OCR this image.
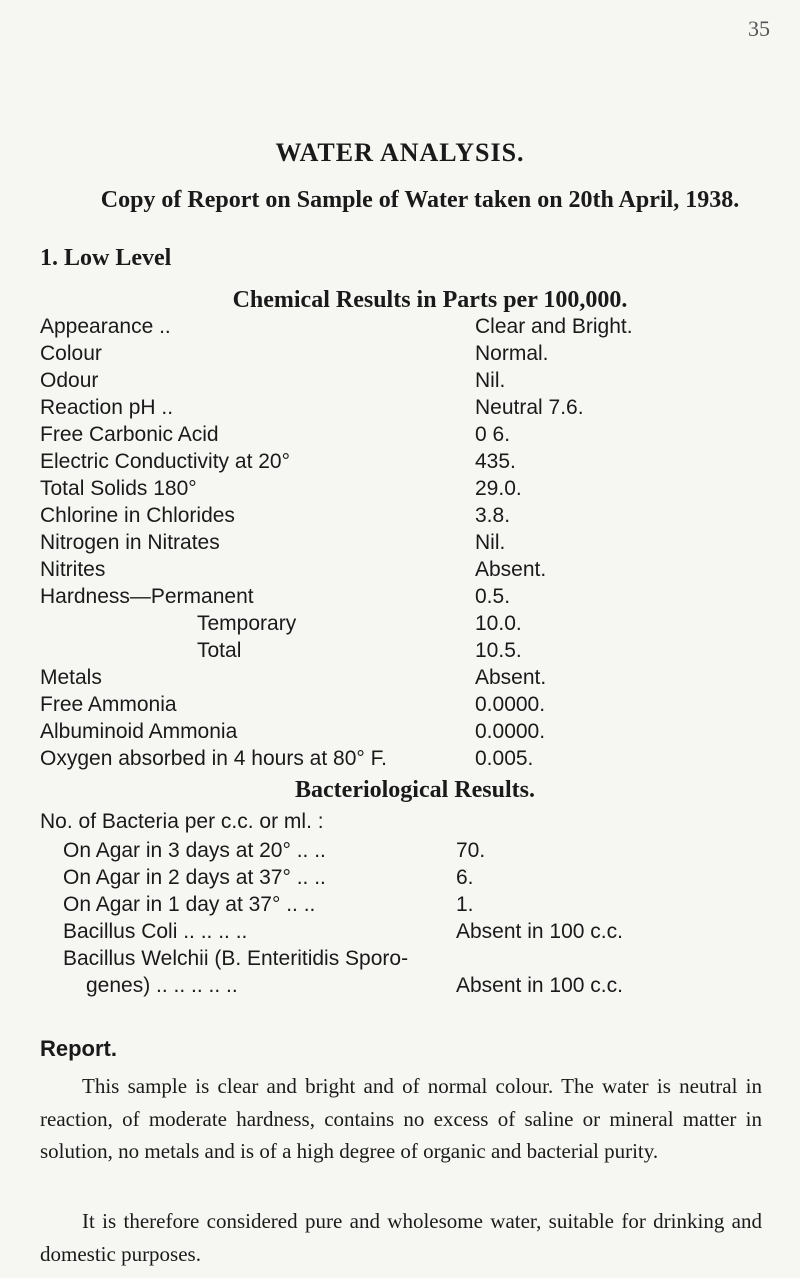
35
WATER ANALYSIS.
Copy of Report on Sample of Water taken on 20th April, 1938.
1. Low Level
Chemical Results in Parts per 100,000.
Appearance ..	Clear and Bright.
Colour	Normal.
Odour	Nil.
Reaction pH ..	Neutral 7.6.
Free Carbonic Acid	0 6.
Electric Conductivity at 20°	435.
Total Solids 180°	29.0.
Chlorine in Chlorides	3.8.
Nitrogen in Nitrates	Nil.
Nitrites	Absent.
Hardness—Permanent	0.5.
Temporary	10.0.
Total	10.5.
Metals	Absent.
Free Ammonia	0.0000.
Albuminoid Ammonia	0.0000.
Oxygen absorbed in 4 hours at 80° F.	0.005.
Bacteriological Results.
No. of Bacteria per c.c. or ml. :
On Agar in 3 days at 20° .. ..	70.
On Agar in 2 days at 37° .. ..	6.
On Agar in 1 day at 37° .. ..	1.
Bacillus Coli .. .. .. ..	Absent in 100 c.c.
Bacillus Welchii (B. Enteritidis Sporo-
genes) .. .. .. .. ..	Absent in 100 c.c.
Report.

This sample is clear and bright and of normal colour. The water is neutral in reaction, of moderate hardness, contains no excess of saline or mineral matter in solution, no metals and is of a high degree of organic and bacterial purity.

It is therefore considered pure and wholesome water, suitable for drinking and domestic purposes.
